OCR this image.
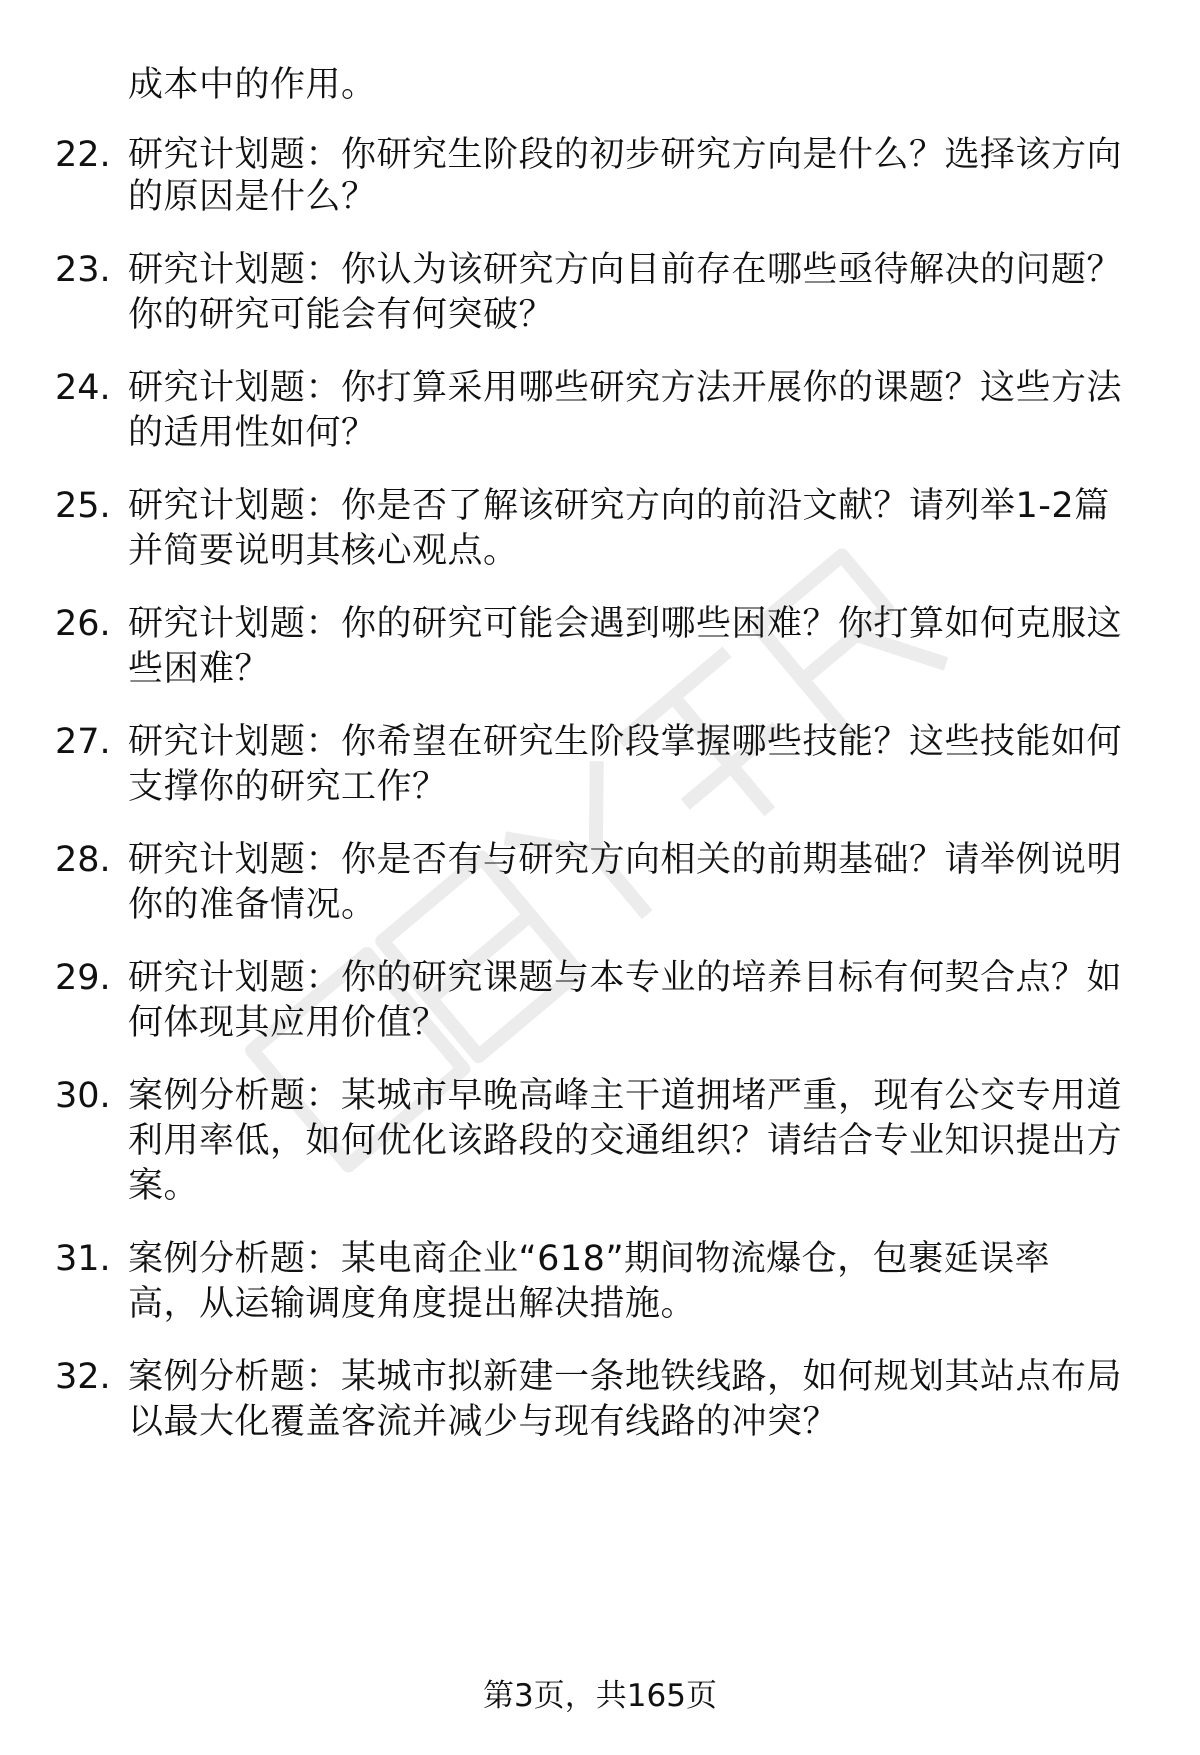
成本中的作用。
22. 研究计划题：你研究生阶段的初步研究方向是什么？选择该方向
的原因是什么？
23. 研究计划题：你认为该研究方向目前存在哪些亟待解决的问题？
你的研究可能会有何突破？
24. 研究计划题：你打算采用哪些研究方法开展你的课题？这些方法
的适用性如何？
25. 研究计划题：你是否了解该研究方向的前沿文献？请列举1-2篇
并简要说明其核心观点。
26. 研究计划题：你的研究可能会遇到哪些困难？你打算如何克服这
些困难？
27. 研究计划题：你希望在研究生阶段掌握哪些技能？这些技能如何
支撑你的研究工作？
28. 研究计划题：你是否有与研究方向相关的前期基础？请举例说明
你的准备情况。
29. 研究计划题：你的研究课题与本专业的培养目标有何契合点？如
何体现其应用价值？
30. 案例分析题：某城市早晚高峰主干道拥堵严重，现有公交专用道
利用率低，如何优化该路段的交通组织？请结合专业知识提出方
案。
31. 案例分析题：某电商企业“618”期间物流爆仓，包裹延误率
高，从运输调度角度提出解决措施。
32. 案例分析题：某城市拟新建一条地铁线路，如何规划其站点布局
以最大化覆盖客流并减少与现有线路的冲突？
第3页，共165页
